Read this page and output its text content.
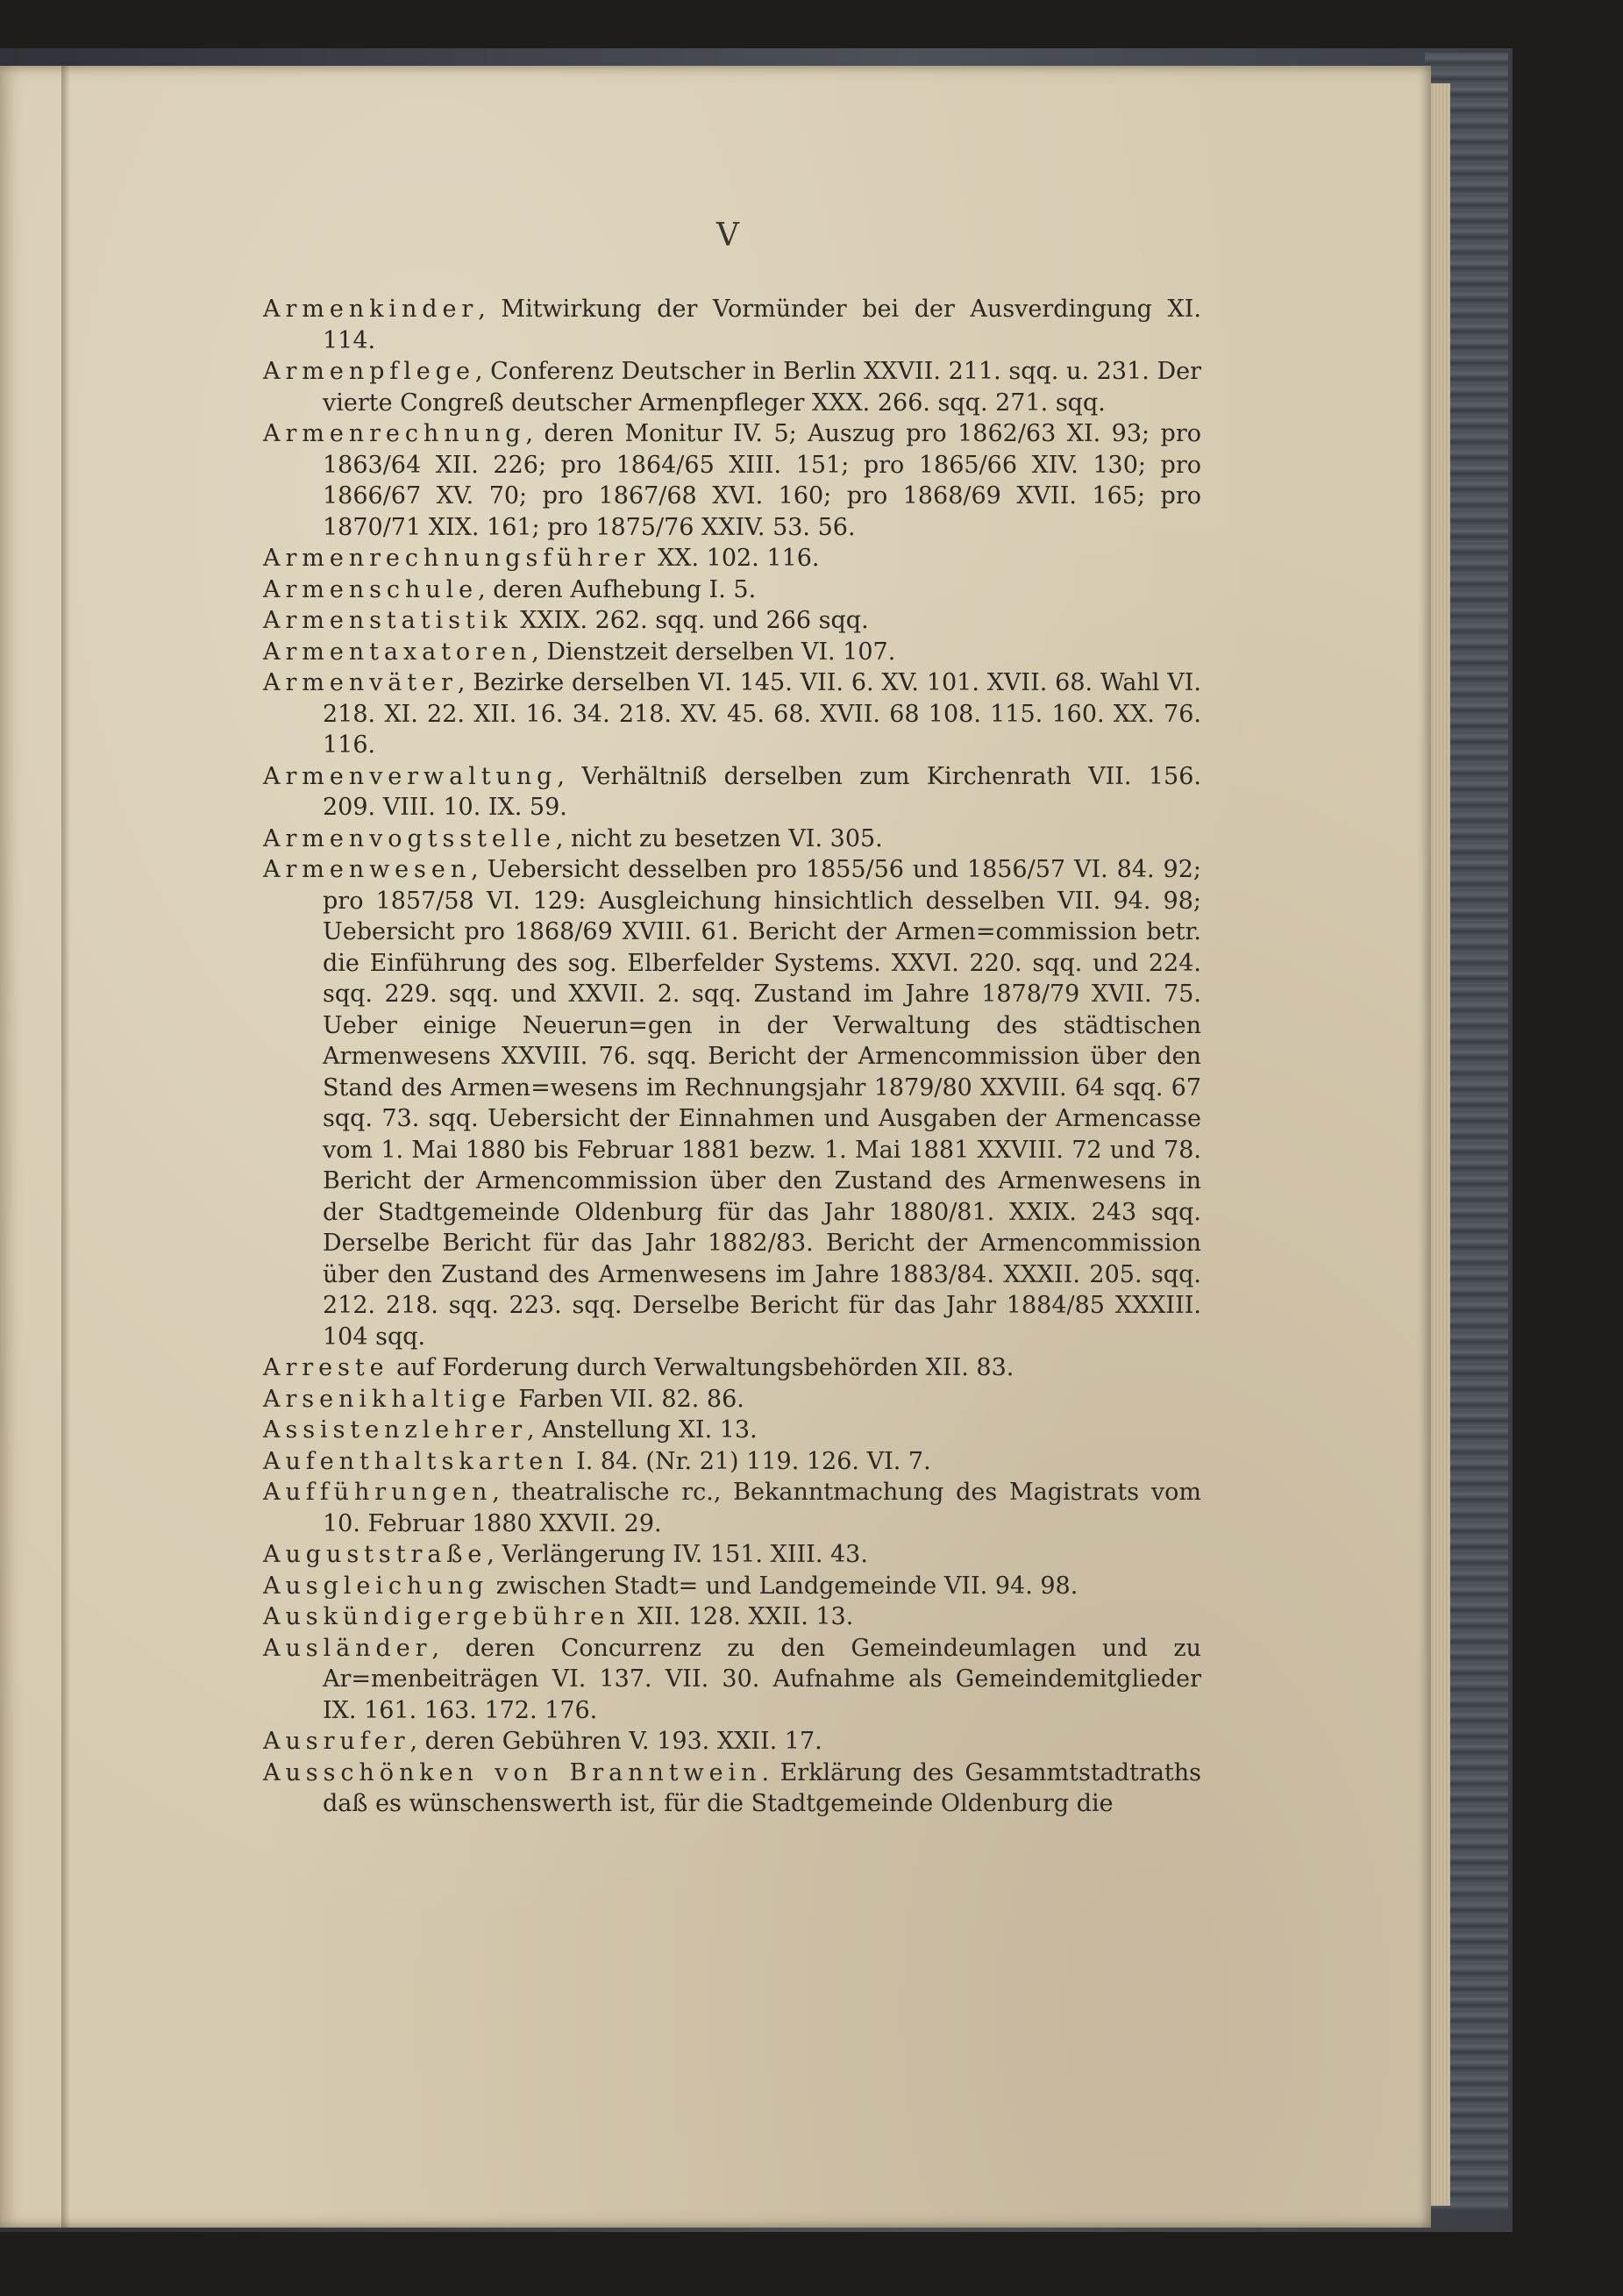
V

Armenkinder, Mitwirkung der Vormünder bei der Ausverdingung XI. 114.

Armenpflege, Conferenz Deutscher in Berlin XXVII. 211. sqq. u. 231. Der vierte Congreß deutscher Armenpfleger XXX. 266. sqq. 271. sqq.

Armenrechnung, deren Monitur IV. 5; Auszug pro 1862/63 XI. 93; pro 1863/64 XII. 226; pro 1864/65 XIII. 151; pro 1865/66 XIV. 130; pro 1866/67 XV. 70; pro 1867/68 XVI. 160; pro 1868/69 XVII. 165; pro 1870/71 XIX. 161; pro 1875/76 XXIV. 53. 56.

Armenrechnungsführer XX. 102. 116.

Armenschule, deren Aufhebung I. 5.

Armenstatistik XXIX. 262. sqq. und 266 sqq.

Armentaxatoren, Dienstzeit derselben VI. 107.

Armenväter, Bezirke derselben VI. 145. VII. 6. XV. 101. XVII. 68. Wahl VI. 218. XI. 22. XII. 16. 34. 218. XV. 45. 68. XVII. 68 108. 115. 160. XX. 76. 116.

Armenverwaltung, Verhältniß derselben zum Kirchenrath VII. 156. 209. VIII. 10. IX. 59.

Armenvogtsstelle, nicht zu besetzen VI. 305.

Armenwesen, Uebersicht desselben pro 1855/56 und 1856/57 VI. 84. 92; pro 1857/58 VI. 129: Ausgleichung hinsichtlich desselben VII. 94. 98; Uebersicht pro 1868/69 XVIII. 61. Bericht der Armen=commission betr. die Einführung des sog. Elberfelder Systems. XXVI. 220. sqq. und 224. sqq. 229. sqq. und XXVII. 2. sqq. Zustand im Jahre 1878/79 XVII. 75. Ueber einige Neuerun=gen in der Verwaltung des städtischen Armenwesens XXVIII. 76. sqq. Bericht der Armencommission über den Stand des Armen=wesens im Rechnungsjahr 1879/80 XXVIII. 64 sqq. 67 sqq. 73. sqq. Uebersicht der Einnahmen und Ausgaben der Armencasse vom 1. Mai 1880 bis Februar 1881 bezw. 1. Mai 1881 XXVIII. 72 und 78. Bericht der Armencommission über den Zustand des Armenwesens in der Stadtgemeinde Oldenburg für das Jahr 1880/81. XXIX. 243 sqq. Derselbe Bericht für das Jahr 1882/83. Bericht der Armencommission über den Zustand des Armenwesens im Jahre 1883/84. XXXII. 205. sqq. 212. 218. sqq. 223. sqq. Derselbe Bericht für das Jahr 1884/85 XXXIII. 104 sqq.

Arreste auf Forderung durch Verwaltungsbehörden XII. 83.

Arsenikhaltige Farben VII. 82. 86.

Assistenzlehrer, Anstellung XI. 13.

Aufenthaltskarten I. 84. (Nr. 21) 119. 126. VI. 7.

Aufführungen, theatralische rc., Bekanntmachung des Magistrats vom 10. Februar 1880 XXVII. 29.

Auguststraße, Verlängerung IV. 151. XIII. 43.

Ausgleichung zwischen Stadt= und Landgemeinde VII. 94. 98.

Auskündigergebühren XII. 128. XXII. 13.

Ausländer, deren Concurrenz zu den Gemeindeumlagen und zu Ar=menbeiträgen VI. 137. VII. 30. Aufnahme als Gemeindemitglieder IX. 161. 163. 172. 176.

Ausrufer, deren Gebühren V. 193. XXII. 17.

Ausschönken von Branntwein. Erklärung des Gesammtstadtraths daß es wünschenswerth ist, für die Stadtgemeinde Oldenburg die
